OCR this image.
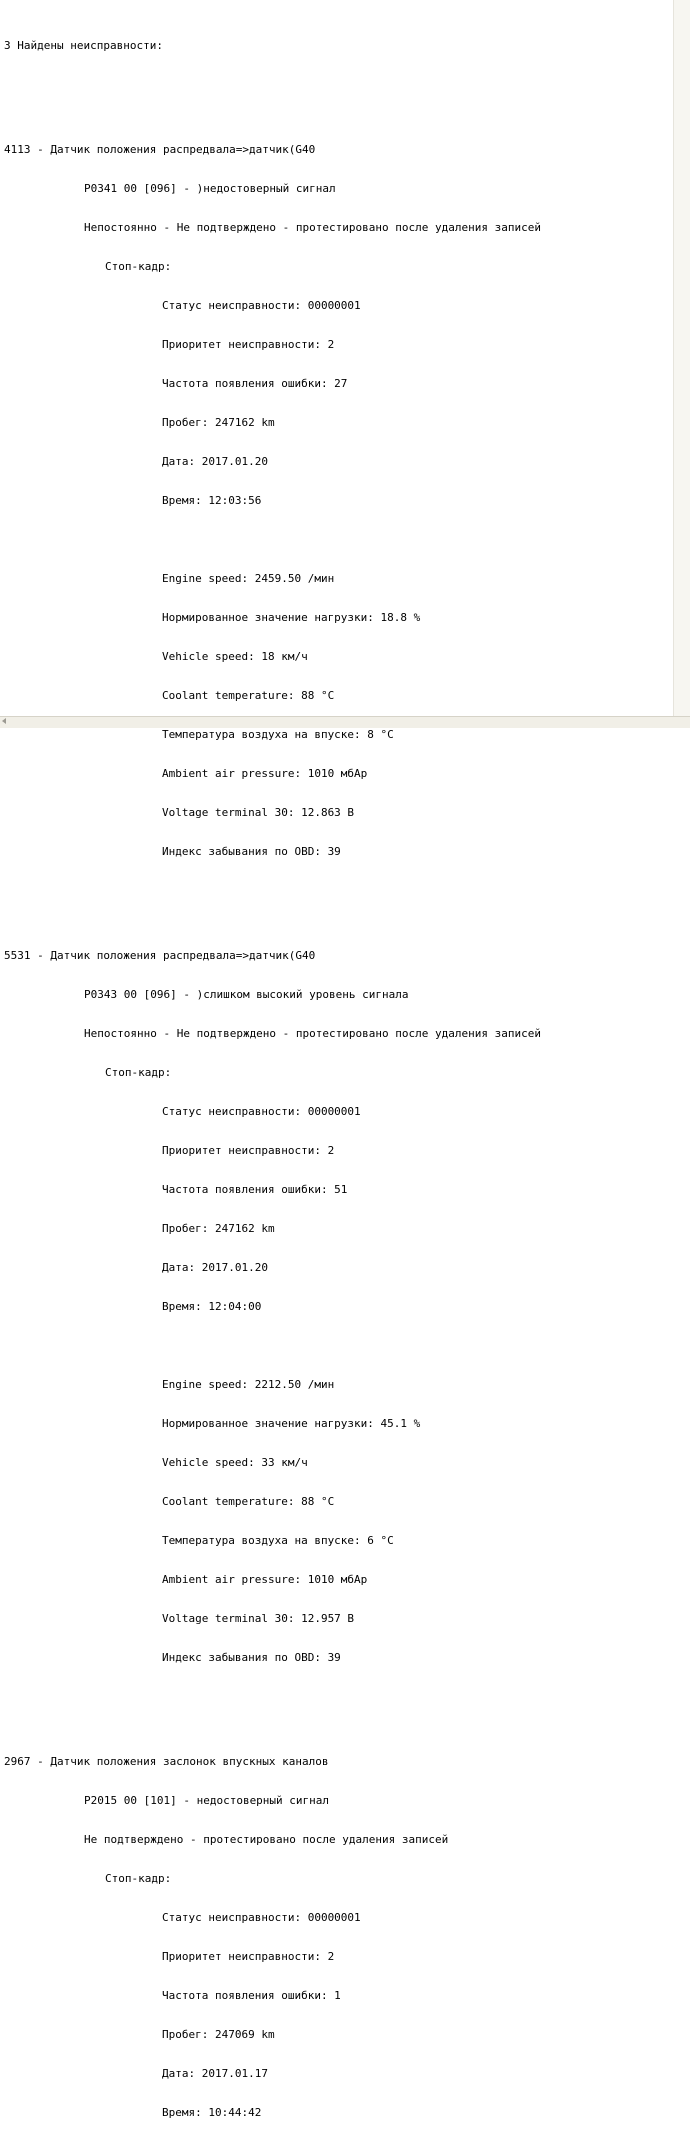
3 Найдены неисправности:

4113 - Датчик положения распредвала=>датчик(G40

P0341 00 [096] - )недостоверный сигнал

Непостоянно - Не подтверждено - протестировано после удаления записей

Стоп-кадр:

Статус неисправности: 00000001

Приоритет неисправности: 2

Частота появления ошибки: 27

Пробег: 247162 km

Дата: 2017.01.20

Время: 12:03:56

Engine speed: 2459.50 /мин

Нормированное значение нагрузки: 18.8 %

Vehicle speed: 18 км/ч

Coolant temperature: 88 °C

Температура воздуха на впуске: 8 °C

Ambient air pressure: 1010 мбАр

Voltage terminal 30: 12.863 В

Индекс забывания по OBD: 39

5531 - Датчик положения распредвала=>датчик(G40

P0343 00 [096] - )слишком высокий уровень сигнала

Непостоянно - Не подтверждено - протестировано после удаления записей

Стоп-кадр:

Статус неисправности: 00000001

Приоритет неисправности: 2

Частота появления ошибки: 51

Пробег: 247162 km

Дата: 2017.01.20

Время: 12:04:00

Engine speed: 2212.50 /мин

Нормированное значение нагрузки: 45.1 %

Vehicle speed: 33 км/ч

Coolant temperature: 88 °C

Температура воздуха на впуске: 6 °C

Ambient air pressure: 1010 мбАр

Voltage terminal 30: 12.957 В

Индекс забывания по OBD: 39

2967 - Датчик положения заслонок впускных каналов

P2015 00 [101] - недостоверный сигнал

Не подтверждено - протестировано после удаления записей

Стоп-кадр:

Статус неисправности: 00000001

Приоритет неисправности: 2

Частота появления ошибки: 1

Пробег: 247069 km

Дата: 2017.01.17

Время: 10:44:42
